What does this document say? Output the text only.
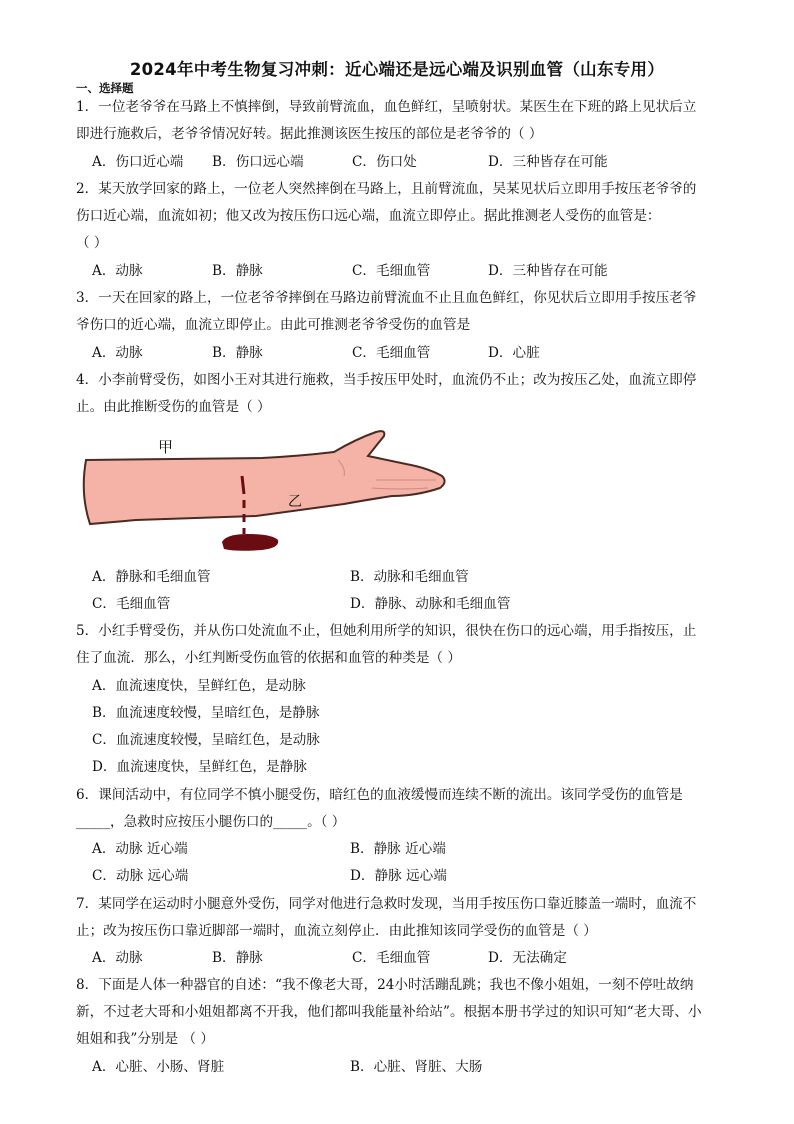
2024年中考生物复习冲刺：近心端还是远心端及识别血管（山东专用）
一、选择题
1．一位老爷爷在马路上不慎摔倒，导致前臂流血，血色鲜红，呈喷射状。某医生在下班的路上见状后立
即进行施救后，老爷爷情况好转。据此推测该医生按压的部位是老爷爷的（ ）
A．伤口近心端 B．伤口远心端	C．伤口处	D．三种皆存在可能
2．某天放学回家的路上，一位老人突然摔倒在马路上，且前臂流血，吴某见状后立即用手按压老爷爷的
伤口近心端，血流如初；他又改为按压伤口远心端，血流立即停止。据此推测老人受伤的血管是：
（ ）
A．动脉	B．静脉	C．毛细血管	D．三种皆存在可能
3．一天在回家的路上，一位老爷爷摔倒在马路边前臂流血不止且血色鲜红，你见状后立即用手按压老爷
爷伤口的近心端，血流立即停止。由此可推测老爷爷受伤的血管是
A．动脉	B．静脉	C．毛细血管	D．心脏
4．小李前臂受伤，如图小王对其进行施救，当手按压甲处时，血流仍不止；改为按压乙处，血流立即停
止。由此推断受伤的血管是（ ）
甲
乙
A．静脉和毛细血管	B．动脉和毛细血管
C．毛细血管	D．静脉、动脉和毛细血管
5．小红手臂受伤，并从伤口处流血不止，但她利用所学的知识，很快在伤口的远心端，用手指按压，止
住了血流．那么，小红判断受伤血管的依据和血管的种类是（ ）
A．血流速度快，呈鲜红色，是动脉
B．血流速度较慢，呈暗红色，是静脉
C．血流速度较慢，呈暗红色，是动脉
D．血流速度快，呈鲜红色，是静脉
6．课间活动中，有位同学不慎小腿受伤，暗红色的血液缓慢而连续不断的流出。该同学受伤的血管是
_____，急救时应按压小腿伤口的_____。（ ）
A．动脉 近心端	B．静脉 近心端
C．动脉 远心端	D．静脉 远心端
7．某同学在运动时小腿意外受伤，同学对他进行急救时发现，当用手按压伤口靠近膝盖一端时，血流不
止；改为按压伤口靠近脚部一端时，血流立刻停止．由此推知该同学受伤的血管是（ ）
A．动脉	B．静脉	C．毛细血管	D．无法确定
8．下面是人体一种器官的自述：“我不像老大哥，24小时活蹦乱跳；我也不像小姐姐，一刻不停吐故纳
新，不过老大哥和小姐姐都离不开我，他们都叫我能量补给站”。根据本册书学过的知识可知“老大哥、小
姐姐和我”分别是 （ ）
A．心脏、小肠、肾脏	B．心脏、肾脏、大肠
